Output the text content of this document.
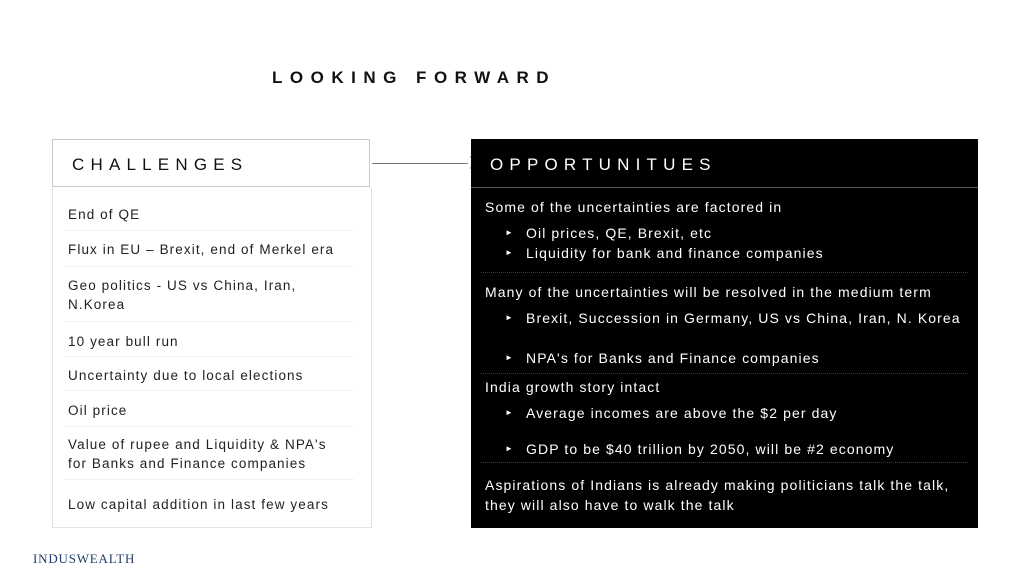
LOOKING FORWARD
CHALLENGES
End of QE
Flux in EU – Brexit, end of Merkel era
Geo politics - US vs China, Iran, N.Korea
10 year bull run
Uncertainty due to local elections
Oil price
Value of rupee and Liquidity & NPA's for Banks and Finance companies
Low capital addition in last few years
OPPORTUNITUES
Some of the uncertainties are factored in
► Oil prices, QE, Brexit, etc
► Liquidity for bank and finance companies
Many of the uncertainties will be resolved in the medium term
► Brexit, Succession in Germany, US vs China, Iran, N. Korea
► NPA's for Banks and Finance companies
India growth story intact
► Average incomes are above the $2 per day
► GDP to be $40 trillion by 2050, will be #2 economy
Aspirations of Indians is already making politicians talk the talk, they will also have to walk the talk
INDUSWEALTH
